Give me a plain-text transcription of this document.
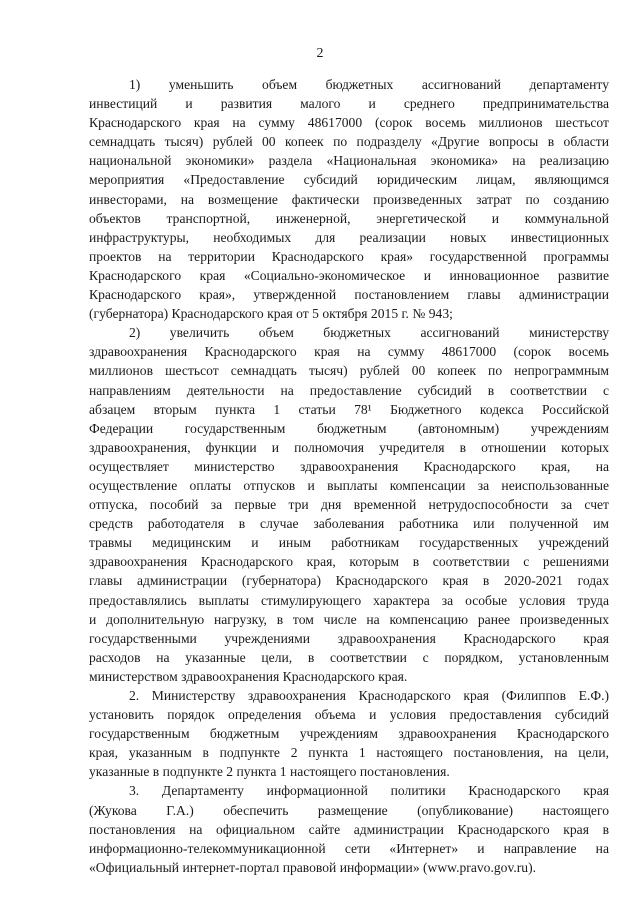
2
1) уменьшить объем бюджетных ассигнований департаменту
инвестиций и развития малого и среднего предпринимательства
Краснодарского края на сумму 48617000 (сорок восемь миллионов шестьсот
семнадцать тысяч) рублей 00 копеек по подразделу «Другие вопросы в области
национальной экономики» раздела «Национальная экономика» на реализацию
мероприятия «Предоставление субсидий юридическим лицам, являющимся
инвесторами, на возмещение фактически произведенных затрат по созданию
объектов транспортной, инженерной, энергетической и коммунальной
инфраструктуры, необходимых для реализации новых инвестиционных
проектов на территории Краснодарского края» государственной программы
Краснодарского края «Социально-экономическое и инновационное развитие
Краснодарского края», утвержденной постановлением главы администрации
(губернатора) Краснодарского края от 5 октября 2015 г. № 943;
2) увеличить объем бюджетных ассигнований министерству
здравоохранения Краснодарского края на сумму 48617000 (сорок восемь
миллионов шестьсот семнадцать тысяч) рублей 00 копеек по непрограммным
направлениям деятельности на предоставление субсидий в соответствии с
абзацем вторым пункта 1 статьи 78¹ Бюджетного кодекса Российской
Федерации государственным бюджетным (автономным) учреждениям
здравоохранения, функции и полномочия учредителя в отношении которых
осуществляет министерство здравоохранения Краснодарского края, на
осуществление оплаты отпусков и выплаты компенсации за неиспользованные
отпуска, пособий за первые три дня временной нетрудоспособности за счет
средств работодателя в случае заболевания работника или полученной им
травмы медицинским и иным работникам государственных учреждений
здравоохранения Краснодарского края, которым в соответствии с решениями
главы администрации (губернатора) Краснодарского края в 2020-2021 годах
предоставлялись выплаты стимулирующего характера за особые условия труда
и дополнительную нагрузку, в том числе на компенсацию ранее произведенных
государственными учреждениями здравоохранения Краснодарского края
расходов на указанные цели, в соответствии с порядком, установленным
министерством здравоохранения Краснодарского края.
2. Министерству здравоохранения Краснодарского края (Филиппов Е.Ф.)
установить порядок определения объема и условия предоставления субсидий
государственным бюджетным учреждениям здравоохранения Краснодарского
края, указанным в подпункте 2 пункта 1 настоящего постановления, на цели,
указанные в подпункте 2 пункта 1 настоящего постановления.
3. Департаменту информационной политики Краснодарского края
(Жукова Г.А.) обеспечить размещение (опубликование) настоящего
постановления на официальном сайте администрации Краснодарского края в
информационно-телекоммуникационной сети «Интернет» и направление на
«Официальный интернет-портал правовой информации» (www.pravo.gov.ru).
